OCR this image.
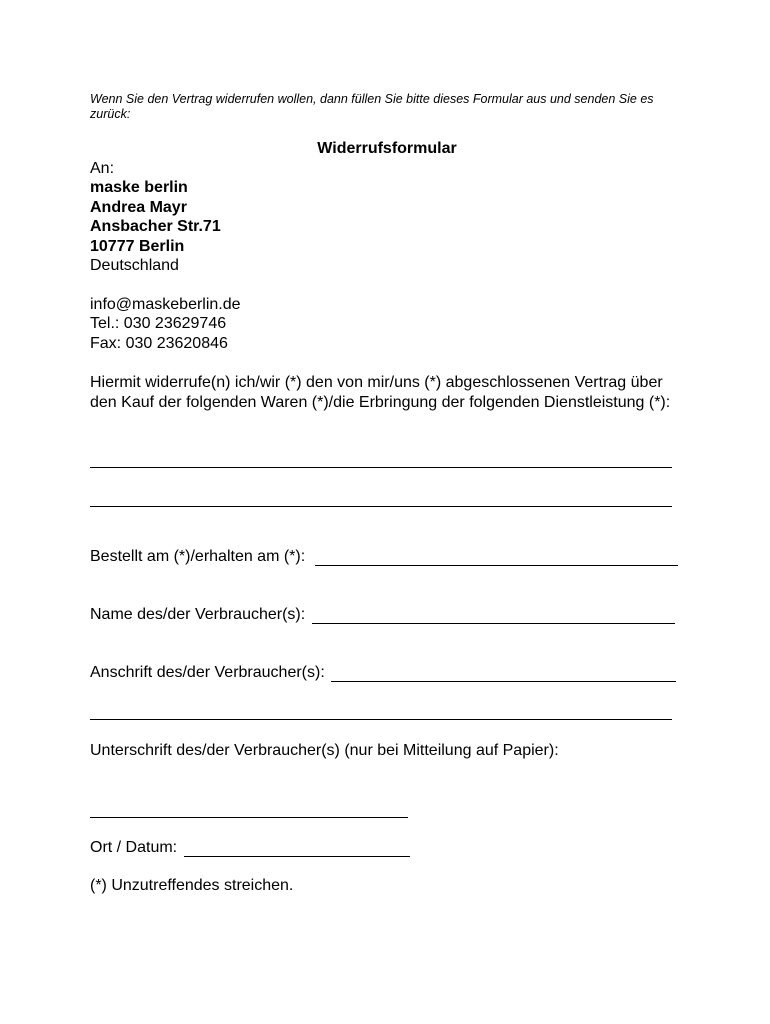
Wenn Sie den Vertrag widerrufen wollen, dann füllen Sie bitte dieses Formular aus und senden Sie es zurück:
Widerrufsformular
An:
maske berlin
Andrea Mayr
Ansbacher Str.71
10777 Berlin
Deutschland
info@maskeberlin.de
Tel.: 030 23629746
Fax: 030 23620846
Hiermit widerrufe(n) ich/wir (*) den von mir/uns (*) abgeschlossenen Vertrag über den Kauf der folgenden Waren (*)/die Erbringung der folgenden Dienstleistung (*):
Bestellt am (*)/erhalten am (*):
Name des/der Verbraucher(s):
Anschrift des/der Verbraucher(s):
Unterschrift des/der Verbraucher(s) (nur bei Mitteilung auf Papier):
Ort / Datum:
(*) Unzutreffendes streichen.
